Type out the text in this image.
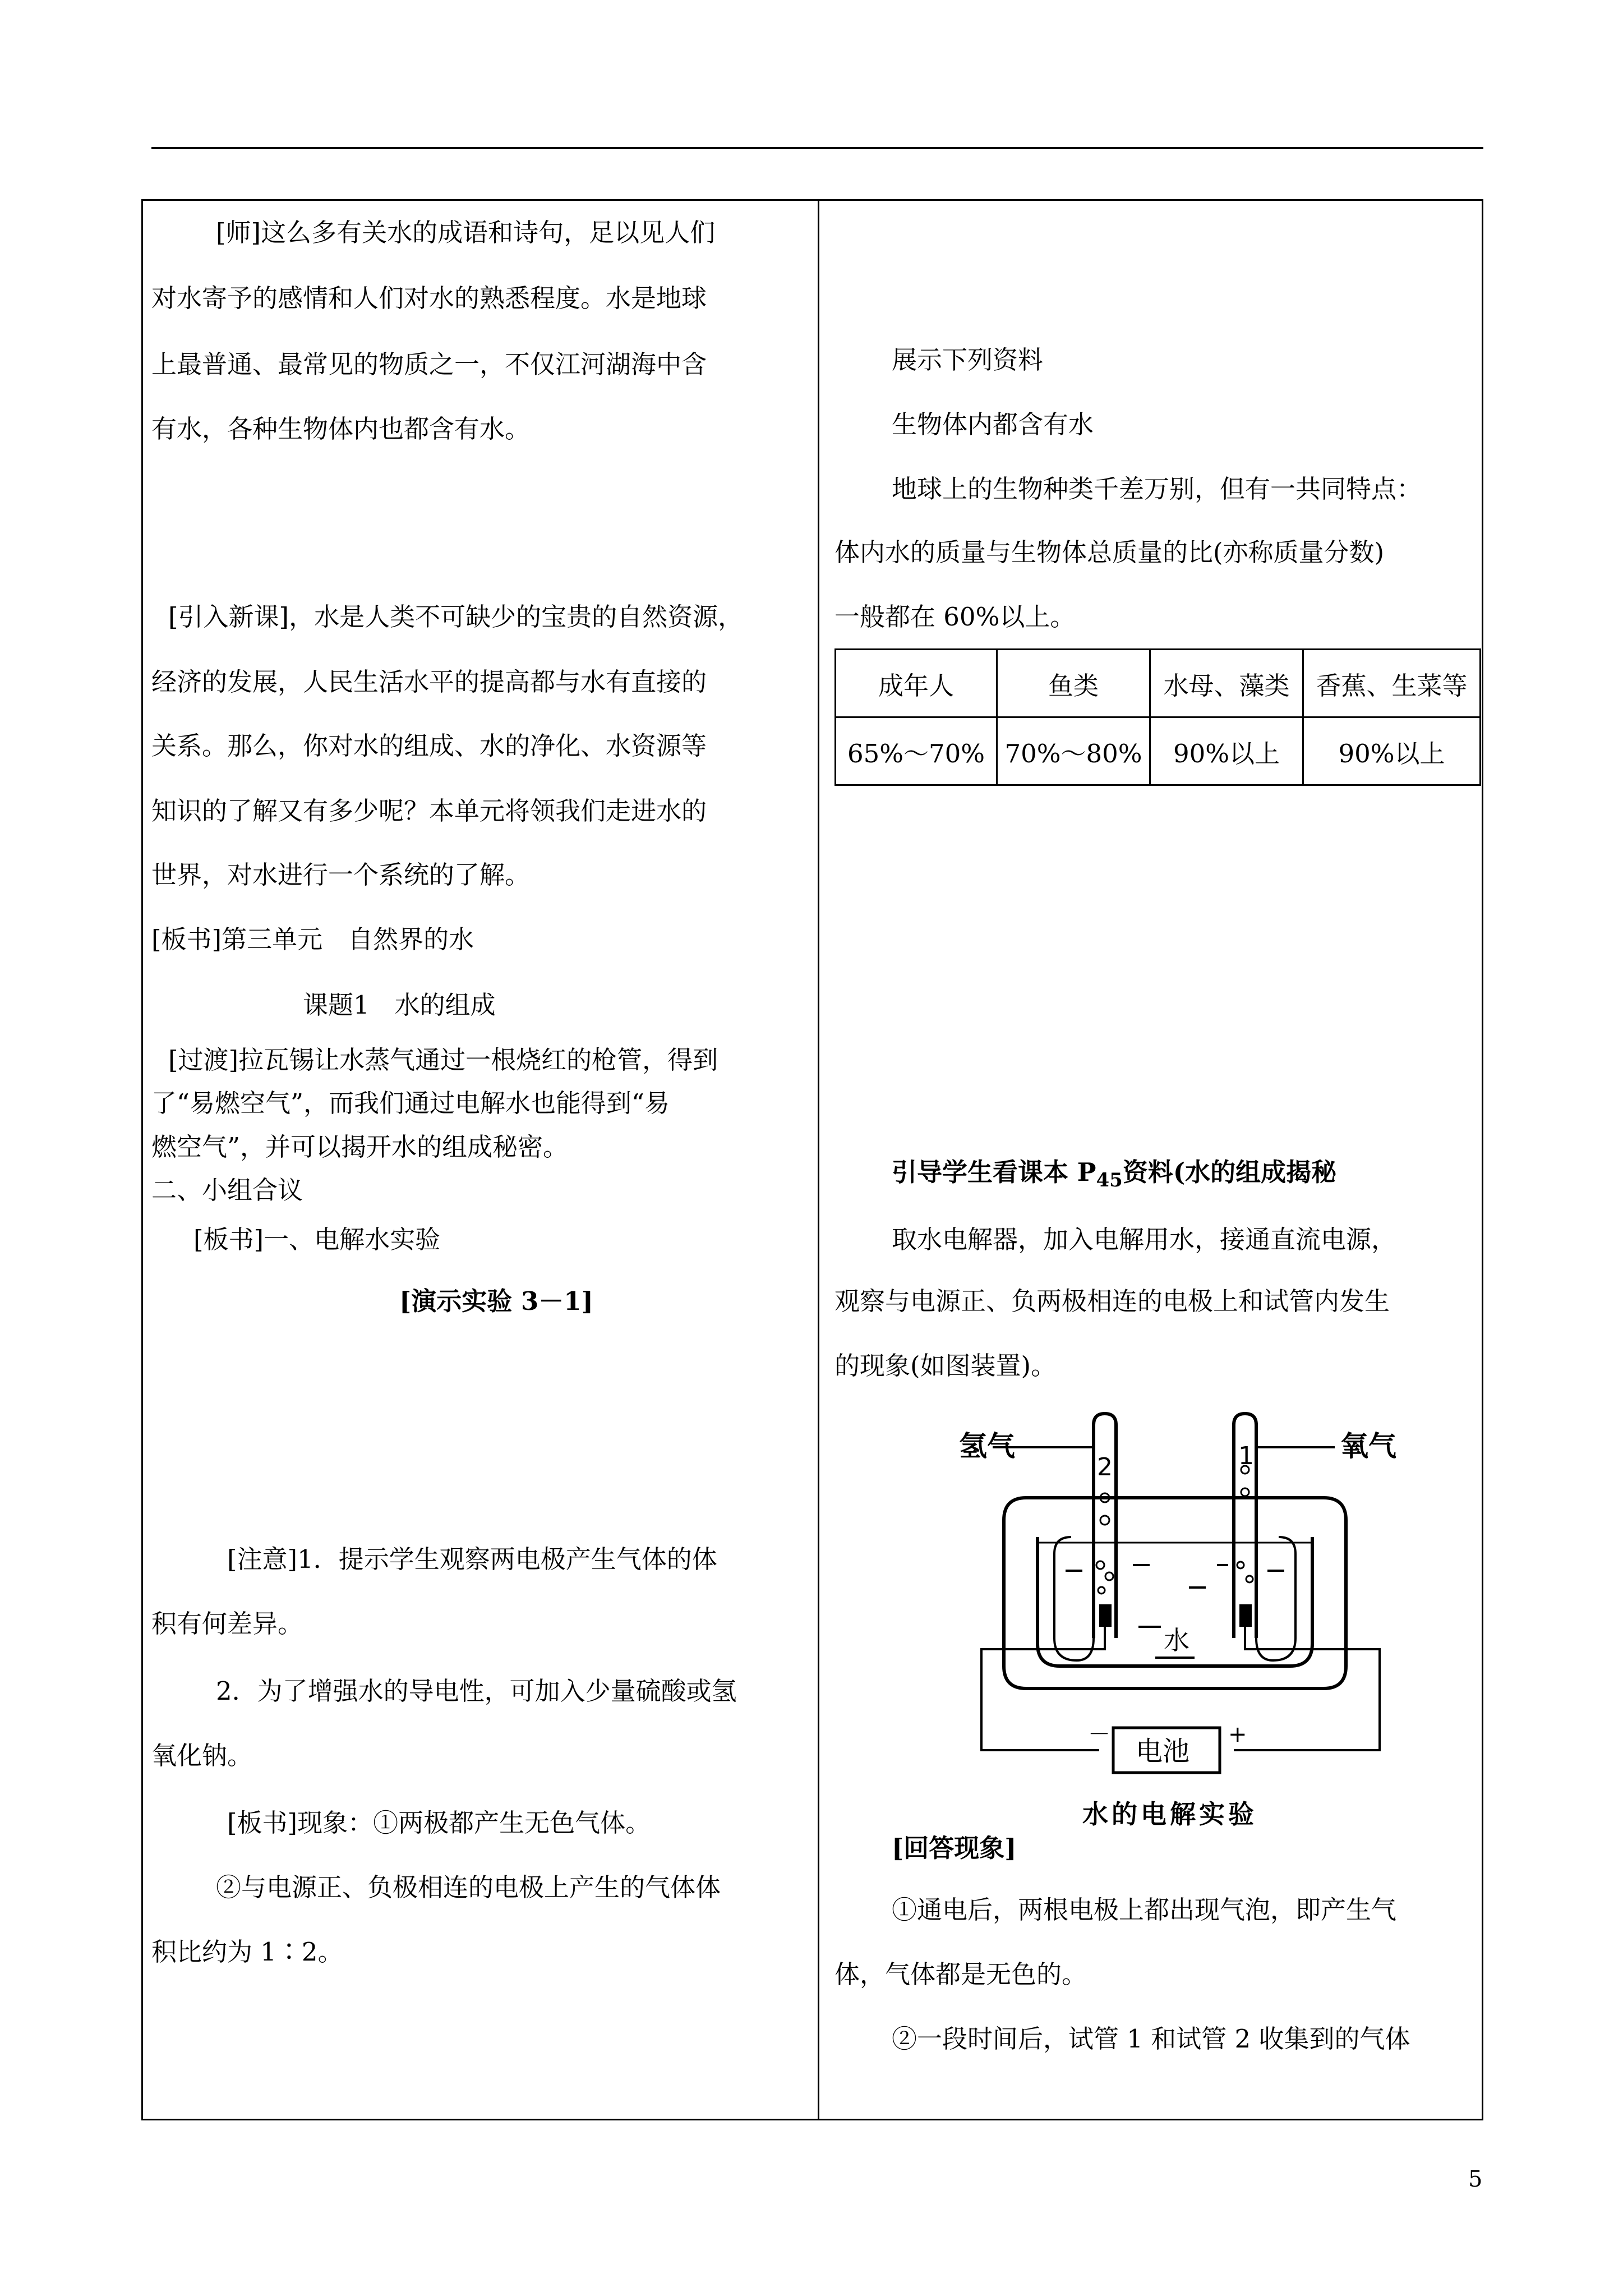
[师]这么多有关水的成语和诗句，足以见人们
对水寄予的感情和人们对水的熟悉程度。水是地球
上最普通、最常见的物质之一，不仅江河湖海中含
有水，各种生物体内也都含有水。
[引入新课]，水是人类不可缺少的宝贵的自然资源，
经济的发展，人民生活水平的提高都与水有直接的
关系。那么，你对水的组成、水的净化、水资源等
知识的了解又有多少呢？本单元将领我们走进水的
世界，对水进行一个系统的了解。
[板书]第三单元　自然界的水
课题1　水的组成
[过渡]拉瓦锡让水蒸气通过一根烧红的枪管，得到
了“易燃空气”，而我们通过电解水也能得到“易
燃空气”，并可以揭开水的组成秘密。
二、小组合议
[板书]一、电解水实验
[演示实验 3－1]
[注意]1．提示学生观察两电极产生气体的体
积有何差异。
2．为了增强水的导电性，可加入少量硫酸或氢
氧化钠。
[板书]现象：①两极都产生无色气体。
②与电源正、负极相连的电极上产生的气体体
积比约为 1∶2。
展示下列资料
生物体内都含有水
地球上的生物种类千差万别，但有一共同特点：
体内水的质量与生物体总质量的比(亦称质量分数)
一般都在 60%以上。
成年人	鱼类	水母、藻类	香蕉、生菜等
65%～70%	70%～80%	90%以上	90%以上
引导学生看课本 $P_{45}$资料(水的组成揭秘
取水电解器，加入电解用水，接通直流电源，
观察与电源正、负两极相连的电极上和试管内发生
的现象(如图装置)。
氢气	氧气
2	1
水
电池
－	+
水的电解实验
[回答现象]
①通电后，两根电极上都出现气泡，即产生气
体，气体都是无色的。
②一段时间后，试管 1 和试管 2 收集到的气体
5
